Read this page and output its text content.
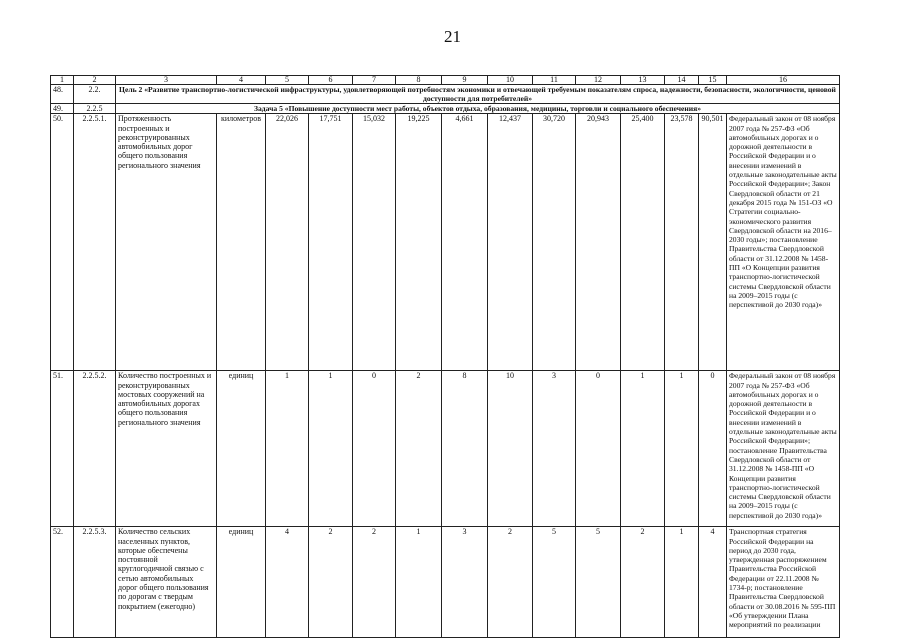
21
1	2	3	4	5	6	7	8	9	10	11	12	13	14	15	16
48.	2.2.	Цель 2 «Развитие транспортно-логистической инфраструктуры, удовлетворяющей потребностям экономики и отвечающей требуемым показателям спроса, надежности, безопасности, экологичности, ценовой доступности для потребителей»													
49.	2.2.5	Задача 5 «Повышение доступности мест работы, объектов отдыха, образования, медицины, торговли и социального обеспечения»													
50.	2.2.5.1.	Протяженность построенных и реконструированных автомобильных дорог общего пользования регионального значения	километров	22,026	17,751	15,032	19,225	4,661	12,437	30,720	20,943	25,400	23,578	90,501	Федеральный закон от 08 ноября 2007 года № 257-ФЗ «Об автомобильных дорогах и о дорожной деятельности в Российской Федерации и о внесении изменений в отдельные законодательные акты Российской Федерации»; Закон Свердловской области от 21 декабря 2015 года № 151-ОЗ «О Стратегии социально-экономического развития Свердловской области на 2016–2030 годы»; постановление Правительства Свердловской области от 31.12.2008 № 1458-ПП «О Концепции развития транспортно-логистической системы Свердловской области на 2009–2015 годы (с перспективой до 2030 года)»
51.	2.2.5.2.	Количество построенных и реконструированных мостовых сооружений на автомобильных дорогах общего пользования регионального значения	единиц	1	1	0	2	8	10	3	0	1	1	0	Федеральный закон от 08 ноября 2007 года № 257-ФЗ «Об автомобильных дорогах и о дорожной деятельности в Российской Федерации и о внесении изменений в отдельные законодательные акты Российской Федерации»; постановление Правительства Свердловской области от 31.12.2008 № 1458-ПП «О Концепции развития транспортно-логистической системы Свердловской области на 2009–2015 годы (с перспективой до 2030 года)»
52.	2.2.5.3.	Количество сельских населенных пунктов, которые обеспечены постоянной круглогодичной связью с сетью автомобильных дорог общего пользования по дорогам с твердым покрытием (ежегодно)	единиц	4	2	2	1	3	2	5	5	2	1	4	Транспортная стратегия Российской Федерации на период до 2030 года, утвержденная распоряжением Правительства Российской Федерации от 22.11.2008 № 1734-р; постановление Правительства Свердловской области от 30.08.2016 № 595-ПП «Об утверждении Плана мероприятий по реализации
